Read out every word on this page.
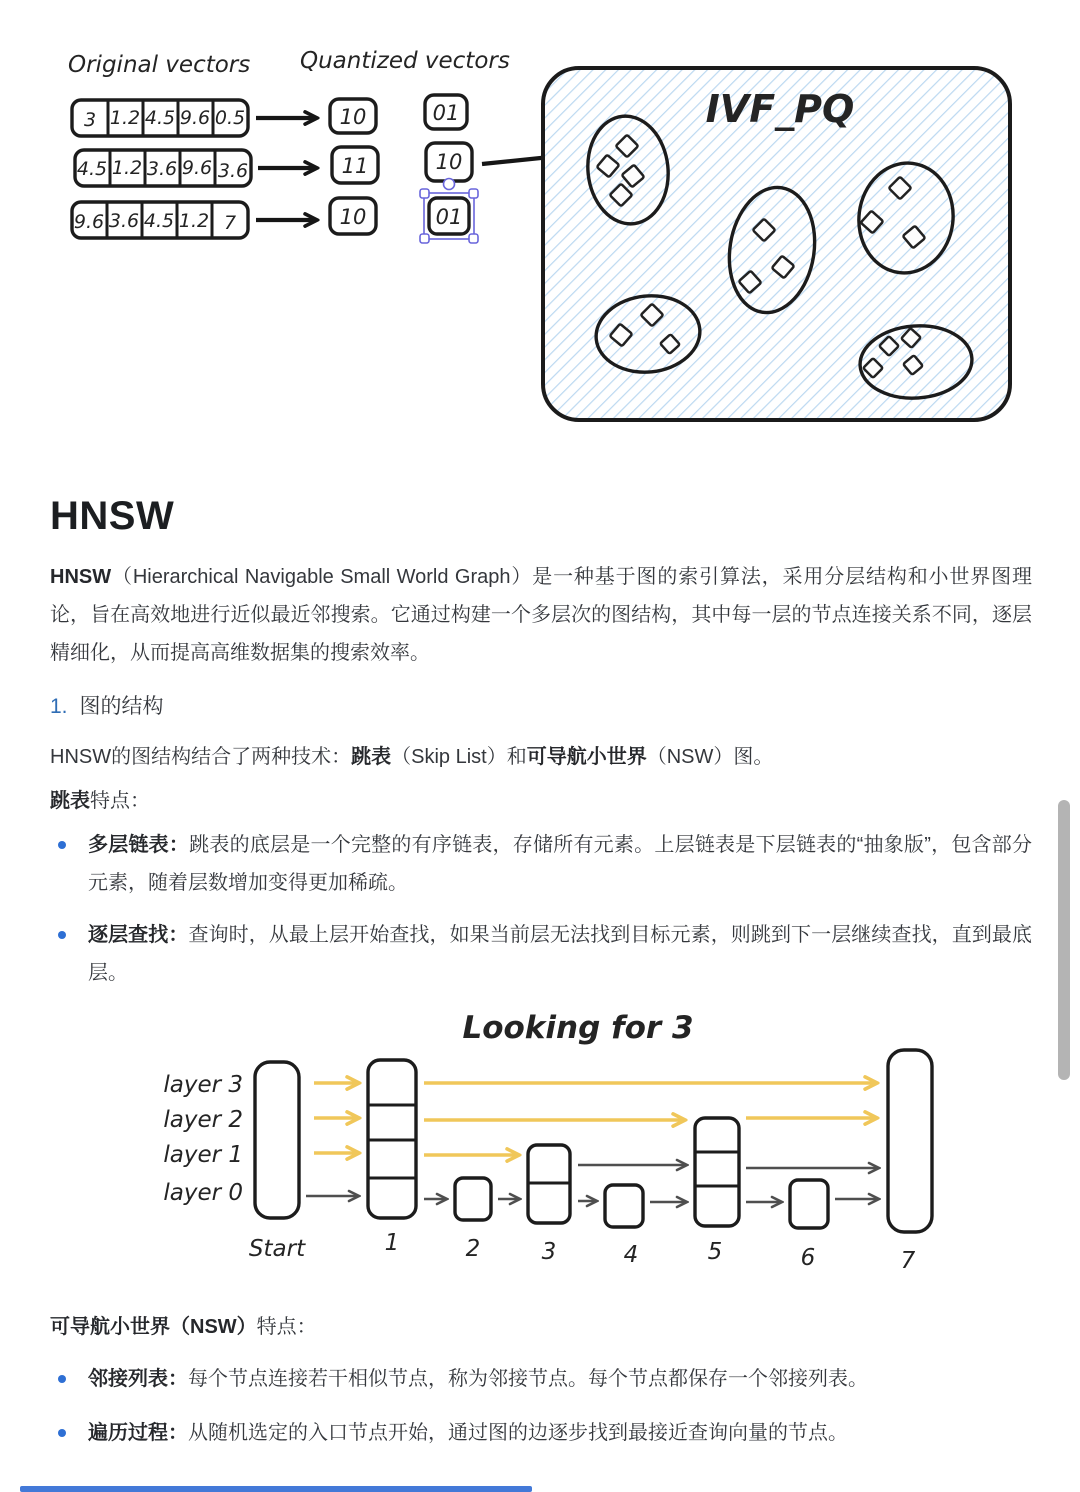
Original vectors Quantized vectors
3 1.2 4.5 9.6 0.5
4.5 1.2 3.6 9.6 3.6
9.6 3.6 4.5 1.2 7
10
11
10
01
10
01
IVF_PQ
HNSW

HNSW（Hierarchical Navigable Small World Graph）是一种基于图的索引算法，采用分层结构和小世界图理论，旨在高效地进行近似最近邻搜索。它通过构建一个多层次的图结构，其中每一层的节点连接关系不同，逐层精细化，从而提高高维数据集的搜索效率。

1. 图的结构

HNSW的图结构结合了两种技术：跳表（Skip List）和可导航小世界（NSW）图。

跳表特点：

多层链表：跳表的底层是一个完整的有序链表，存储所有元素。上层链表是下层链表的“抽象版”，包含部分元素，随着层数增加变得更加稀疏。
逐层查找：查询时，从最上层开始查找，如果当前层无法找到目标元素，则跳到下一层继续查找，直到最底层。
Looking for 3
layer 3
layer 2
layer 1
layer 0
Start	1	2	3	4	5	6	7

可导航小世界（NSW）特点：

邻接列表：每个节点连接若干相似节点，称为邻接节点。每个节点都保存一个邻接列表。
遍历过程：从随机选定的入口节点开始，通过图的边逐步找到最接近查询向量的节点。
